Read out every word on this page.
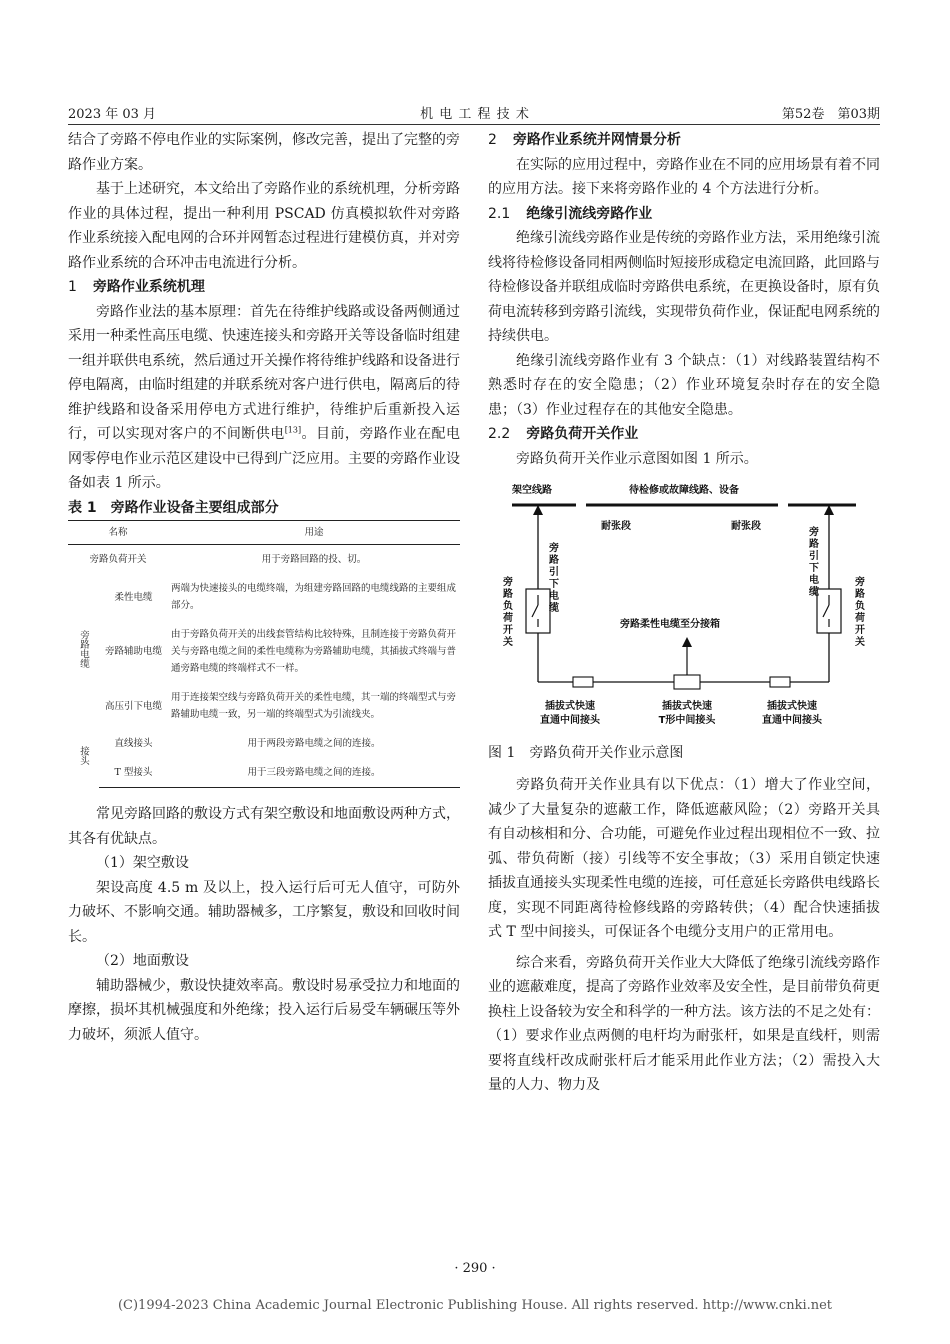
2023 年 03 月	机 电 工 程 技 术	第52卷　第03期

结合了旁路不停电作业的实际案例，修改完善，提出了完整的旁路作业方案。

基于上述研究，本文给出了旁路作业的系统机理，分析旁路作业的具体过程，提出一种利用 PSCAD 仿真模拟软件对旁路作业系统接入配电网的合环并网暂态过程进行建模仿真，并对旁路作业系统的合环冲击电流进行分析。

1 旁路作业系统机理

旁路作业法的基本原理：首先在待维护线路或设备两侧通过采用一种柔性高压电缆、快速连接头和旁路开关等设备临时组建一组并联供电系统，然后通过开关操作将待维护线路和设备进行停电隔离，由临时组建的并联系统对客户进行供电，隔离后的待维护线路和设备采用停电方式进行维护，待维护后重新投入运行，可以实现对客户的不间断供电[13]。目前，旁路作业在配电网零停电作业示范区建设中已得到广泛应用。主要的旁路作业设备如表 1 所示。

表 1　旁路作业设备主要组成部分

名称		用途
旁路负荷开关		用于旁路回路的投、切。
旁路电缆	柔性电缆	两端为快速接头的电缆终端，为组建旁路回路的电缆线路的主要组成部分。
	旁路辅助电缆	由于旁路负荷开关的出线套管结构比较特殊，且制连接于旁路负荷开关与旁路电缆之间的柔性电缆称为旁路辅助电缆，其插拔式终端与普通旁路电缆的终端样式不一样。
	高压引下电缆	用于连接架空线与旁路负荷开关的柔性电缆，其一端的终端型式与旁路辅助电缆一致，另一端的终端型式为引流线夹。
接头	直线接头	用于两段旁路电缆之间的连接。
	T 型接头	用于三段旁路电缆之间的连接。

常见旁路回路的敷设方式有架空敷设和地面敷设两种方式，其各有优缺点。

（1）架空敷设

架设高度 4.5 m 及以上，投入运行后可无人值守，可防外力破坏、不影响交通。辅助器械多，工序繁复，敷设和回收时间长。

（2）地面敷设

辅助器械少，敷设快捷效率高。敷设时易承受拉力和地面的摩擦，损坏其机械强度和外绝缘；投入运行后易受车辆碾压等外力破坏，须派人值守。

2 旁路作业系统并网情景分析

在实际的应用过程中，旁路作业在不同的应用场景有着不同的应用方法。接下来将旁路作业的 4 个方法进行分析。

2.1 绝缘引流线旁路作业

绝缘引流线旁路作业是传统的旁路作业方法，采用绝缘引流线将待检修设备同相两侧临时短接形成稳定电流回路，此回路与待检修设备并联组成临时旁路供电系统，在更换设备时，原有负荷电流转移到旁路引流线，实现带负荷作业，保证配电网系统的持续供电。

绝缘引流线旁路作业有 3 个缺点：（1）对线路装置结构不熟悉时存在的安全隐患；（2）作业环境复杂时存在的安全隐患；（3）作业过程存在的其他安全隐患。

2.2 旁路负荷开关作业

旁路负荷开关作业示意图如图 1 所示。

架空线路	待检修或故障线路、设备
耐张段	耐张段
旁路柔性电缆至分接箱
插拔式快速
直通中间接头
插拔式快速
T形中间接头
插拔式快速
直通中间接头
旁路引下电缆
旁路引下电缆
旁路负荷开关
旁路负荷开关

图 1　旁路负荷开关作业示意图

旁路负荷开关作业具有以下优点：（1）增大了作业空间，减少了大量复杂的遮蔽工作，降低遮蔽风险；（2）旁路开关具有自动核相和分、合功能，可避免作业过程出现相位不一致、拉弧、带负荷断（接）引线等不安全事故；（3）采用自锁定快速插拔直通接头实现柔性电缆的连接，可任意延长旁路供电线路长度，实现不同距离待检修线路的旁路转供；（4）配合快速插拔式 T 型中间接头，可保证各个电缆分支用户的正常用电。

综合来看，旁路负荷开关作业大大降低了绝缘引流线旁路作业的遮蔽难度，提高了旁路作业效率及安全性，是目前带负荷更换柱上设备较为安全和科学的一种方法。该方法的不足之处有：（1）要求作业点两侧的电杆均为耐张杆，如果是直线杆，则需要将直线杆改成耐张杆后才能采用此作业方法；（2）需投入大量的人力、物力及

· 290 ·
(C)1994-2023 China Academic Journal Electronic Publishing House. All rights reserved. http://www.cnki.net
